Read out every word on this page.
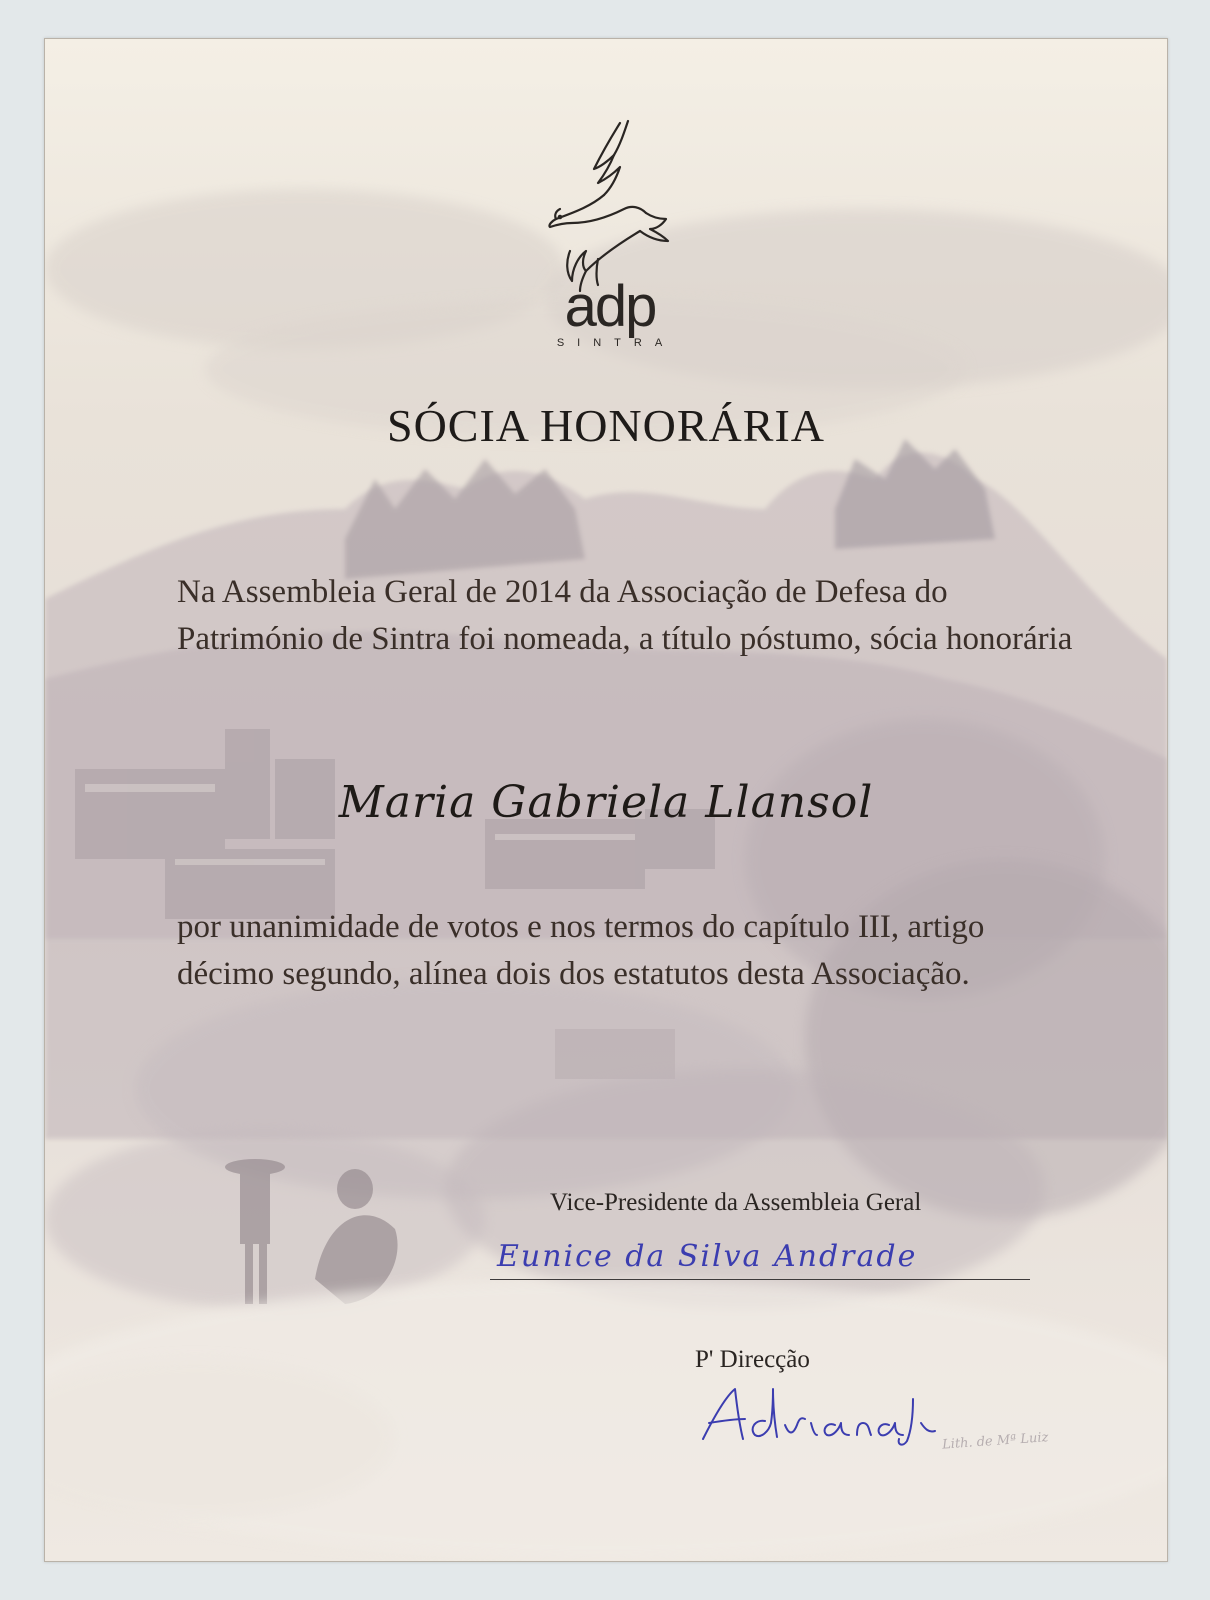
adp
SINTRA
SÓCIA HONORÁRIA
Na Assembleia Geral de 2014 da Associação de Defesa do Património de Sintra foi nomeada, a título póstumo, sócia honorária
Maria Gabriela Llansol
por unanimidade de votos e nos termos do capítulo III, artigo décimo segundo, alínea dois dos estatutos desta Associação.
Vice-Presidente da Assembleia Geral
Eunice da Silva Andrade
P' Direcção
Lith. de Mª Luiz
